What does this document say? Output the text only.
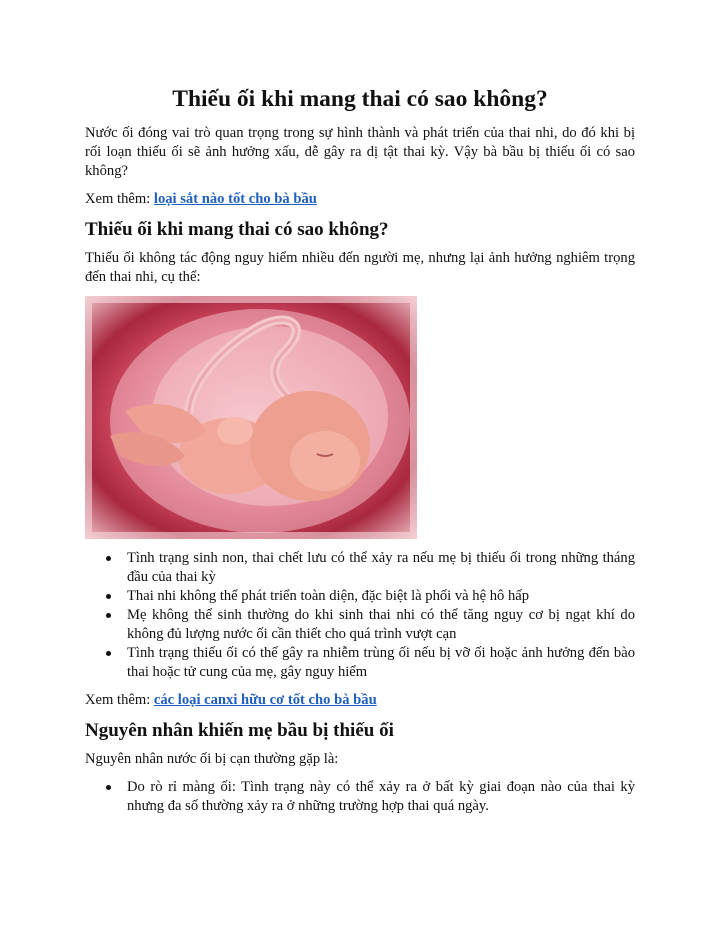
Thiếu ối khi mang thai có sao không?

Nước ối đóng vai trò quan trọng trong sự hình thành và phát triển của thai nhi, do đó khi bị rối loạn thiếu ối sẽ ảnh hưởng xấu, dễ gây ra dị tật thai kỳ. Vậy bà bầu bị thiếu ối có sao không?

Xem thêm: loại sắt nào tốt cho bà bầu

Thiếu ối khi mang thai có sao không?

Thiếu ối không tác động nguy hiểm nhiều đến người mẹ, nhưng lại ảnh hưởng nghiêm trọng đến thai nhi, cụ thể:

Tình trạng sinh non, thai chết lưu có thể xảy ra nếu mẹ bị thiếu ối trong những tháng đầu của thai kỳ
Thai nhi không thể phát triển toàn diện, đặc biệt là phổi và hệ hô hấp
Mẹ không thể sinh thường do khi sinh thai nhi có thể tăng nguy cơ bị ngạt khí do không đủ lượng nước ối cần thiết cho quá trình vượt cạn
Tình trạng thiếu ối có thể gây ra nhiễm trùng ối nếu bị vỡ ối hoặc ảnh hưởng đến bào thai hoặc tử cung của mẹ, gây nguy hiểm

Xem thêm: các loại canxi hữu cơ tốt cho bà bầu

Nguyên nhân khiến mẹ bầu bị thiếu ối

Nguyên nhân nước ối bị cạn thường gặp là:

Do rò rỉ màng ối: Tình trạng này có thể xảy ra ở bất kỳ giai đoạn nào của thai kỳ nhưng đa số thường xảy ra ở những trường hợp thai quá ngày.
